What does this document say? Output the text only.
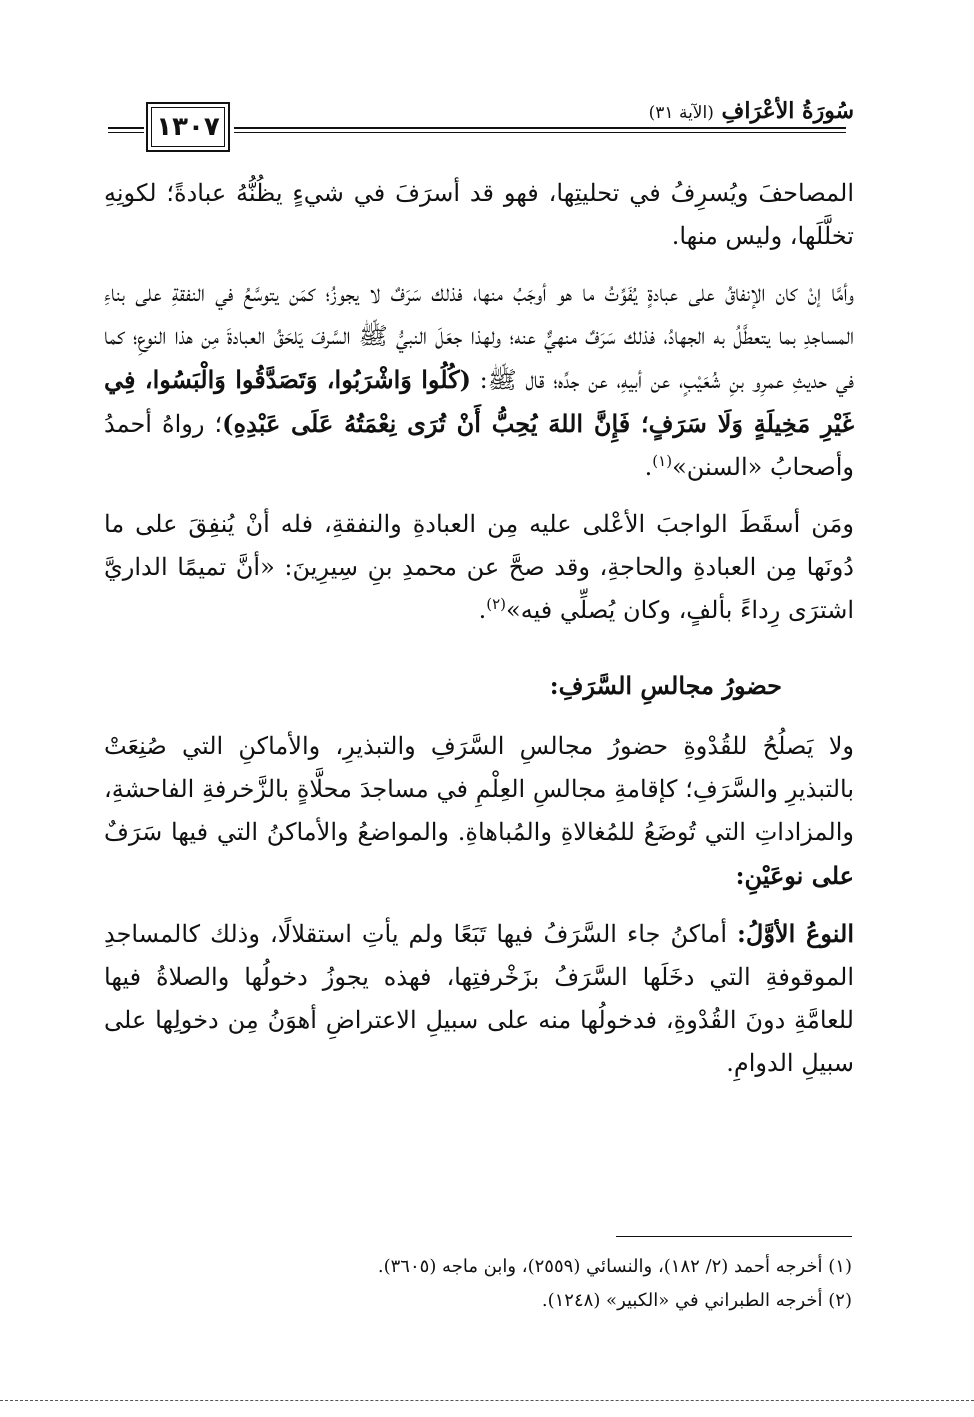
١٣٠٧
سُورَةُ الأعْرَافِ (الآية ٣١)

المصاحفَ ويُسرِفُ في تحليتِها، فهو قد أسرَفَ في شيءٍ يظُنُّهُ عبادةً؛ لكونِهِ تخلَّلَها، وليس منها.

وأمَّا إنْ كان الإنفاقُ على عبادةٍ يُفَوِّتُ ما هو أوجَبُ منها، فذلك سَرَفٌ لا يجوزُ؛ كمَن يتوسَّعُ في النفقةِ على بناءِ المساجدِ بما يتعطَّلُ به الجهادُ، فذلك سَرَفٌ منهيٌّ عنه؛ ولهذا جعَلَ النبيُّ ﷺ السَّرفَ يَلحَقُ العبادةَ مِن هذا النوعِ؛ كما في حديثِ عمرِو بنِ شُعَيْبٍ، عن أبيهِ، عن جدِّه؛ قال ﷺ: (كُلُوا وَاشْرَبُوا، وَتَصَدَّقُوا وَالْبَسُوا، فِي غَيْرِ مَخِيلَةٍ وَلَا سَرَفٍ؛ فَإِنَّ اللهَ يُحِبُّ أَنْ تُرَى نِعْمَتُهُ عَلَى عَبْدِهِ)؛ رواهُ أحمدُ وأصحابُ «السنن»$^{(١)}$.

ومَن أسقَطَ الواجبَ الأعْلى عليه مِن العبادةِ والنفقةِ، فله أنْ يُنفِقَ على ما دُونَها مِن العبادةِ والحاجةِ، وقد صحَّ عن محمدِ بنِ سِيرِينَ: «أنَّ تميمًا الداريَّ اشترَى رِداءً بألفٍ، وكان يُصلِّي فيه»$^{(٢)}$.

حضورُ مجالسِ السَّرَفِ:

ولا يَصلُحُ للقُدْوةِ حضورُ مجالسِ السَّرَفِ والتبذيرِ، والأماكنِ التي صُنِعَتْ بالتبذيرِ والسَّرَفِ؛ كإقامةِ مجالسِ العِلْمِ في مساجدَ محلَّاةٍ بالزَّخرفةِ الفاحشةِ، والمزاداتِ التي تُوضَعُ للمُغالاةِ والمُباهاةِ. والمواضعُ والأماكنُ التي فيها سَرَفٌ على نوعَيْنِ:

النوعُ الأوَّلُ: أماكنُ جاء السَّرَفُ فيها تَبَعًا ولم يأتِ استقلالًا، وذلك كالمساجدِ الموقوفةِ التي دخَلَها السَّرَفُ بزَخْرفتِها، فهذه يجوزُ دخولُها والصلاةُ فيها للعامَّةِ دونَ القُدْوةِ، فدخولُها منه على سبيلِ الاعتراضِ أهوَنُ مِن دخولِها على سبيلِ الدوامِ.

(١) أخرجه أحمد (٢/ ١٨٢)، والنسائي (٢٥٥٩)، وابن ماجه (٣٦٠٥).

(٢) أخرجه الطبراني في «الكبير» (١٢٤٨).
